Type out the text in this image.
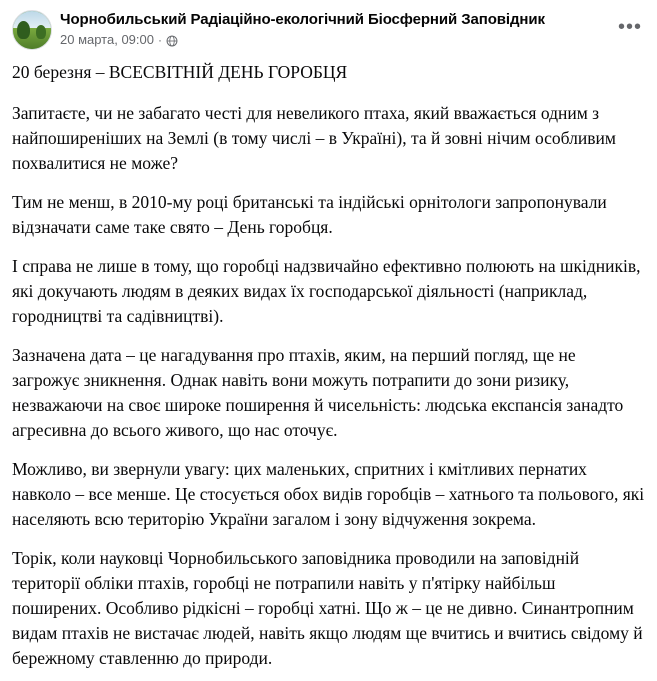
Чорнобильський Радіаційно-екологічний Біосферний Заповідник
20 марта, 09:00 ·
•••

20 березня – ВСЕСВІТНІЙ ДЕНЬ ГОРОБЦЯ

Запитаєте, чи не забагато честі для невеликого птаха, який вважається одним з найпоширеніших на Землі (в тому числі – в Україні), та й зовні нічим особливим похвалитися не може?

Тим не менш, в 2010-му році британські та індійські орнітологи запропонували відзначати саме таке свято – День горобця.

І справа не лише в тому, що горобці надзвичайно ефективно полюють на шкідників, які докучають людям в деяких видах їх господарської діяльності (наприклад, городництві та садівництві).

Зазначена дата – це нагадування про птахів, яким, на перший погляд, ще не загрожує зникнення. Однак навіть вони можуть потрапити до зони ризику, незважаючи на своє широке поширення й чисельність: людська експансія занадто агресивна до всього живого, що нас оточує.

Можливо, ви звернули увагу: цих маленьких, спритних і кмітливих пернатих навколо – все менше. Це стосується обох видів горобців – хатнього та польового, які населяють всю територію України загалом і зону відчуження зокрема.

Торік, коли науковці Чорнобильського заповідника проводили на заповідній території обліки птахів, горобці не потрапили навіть у п'ятірку найбільш поширених. Особливо рідкісні – горобці хатні. Що ж – це не дивно. Синантропним видам птахів не вистачає людей, навіть якщо людям ще вчитись и вчитись свідому й бережному ставленню до природи.
